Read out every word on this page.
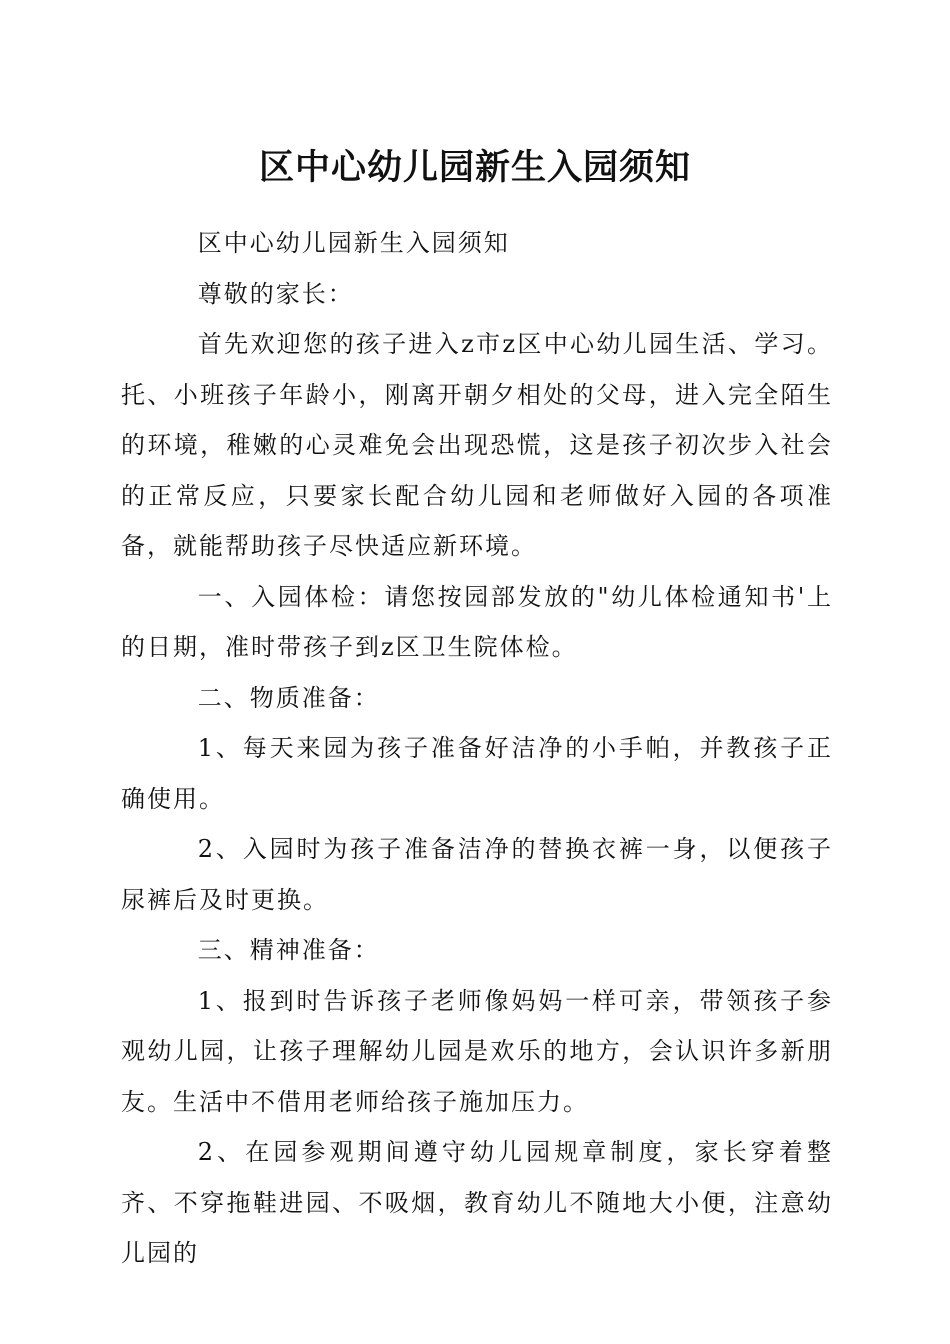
区中心幼儿园新生入园须知

区中心幼儿园新生入园须知

尊敬的家长：

首先欢迎您的孩子进入z市z区中心幼儿园生活、学习。托、小班孩子年龄小，刚离开朝夕相处的父母，进入完全陌生的环境，稚嫩的心灵难免会出现恐慌，这是孩子初次步入社会的正常反应，只要家长配合幼儿园和老师做好入园的各项准备，就能帮助孩子尽快适应新环境。

一、入园体检：请您按园部发放的"幼儿体检通知书'上的日期，准时带孩子到z区卫生院体检。

二、物质准备：

1、每天来园为孩子准备好洁净的小手帕，并教孩子正确使用。

2、入园时为孩子准备洁净的替换衣裤一身，以便孩子尿裤后及时更换。

三、精神准备：

1、报到时告诉孩子老师像妈妈一样可亲，带领孩子参观幼儿园，让孩子理解幼儿园是欢乐的地方，会认识许多新朋友。生活中不借用老师给孩子施加压力。

2、在园参观期间遵守幼儿园规章制度，家长穿着整齐、不穿拖鞋进园、不吸烟，教育幼儿不随地大小便，注意幼儿园的
